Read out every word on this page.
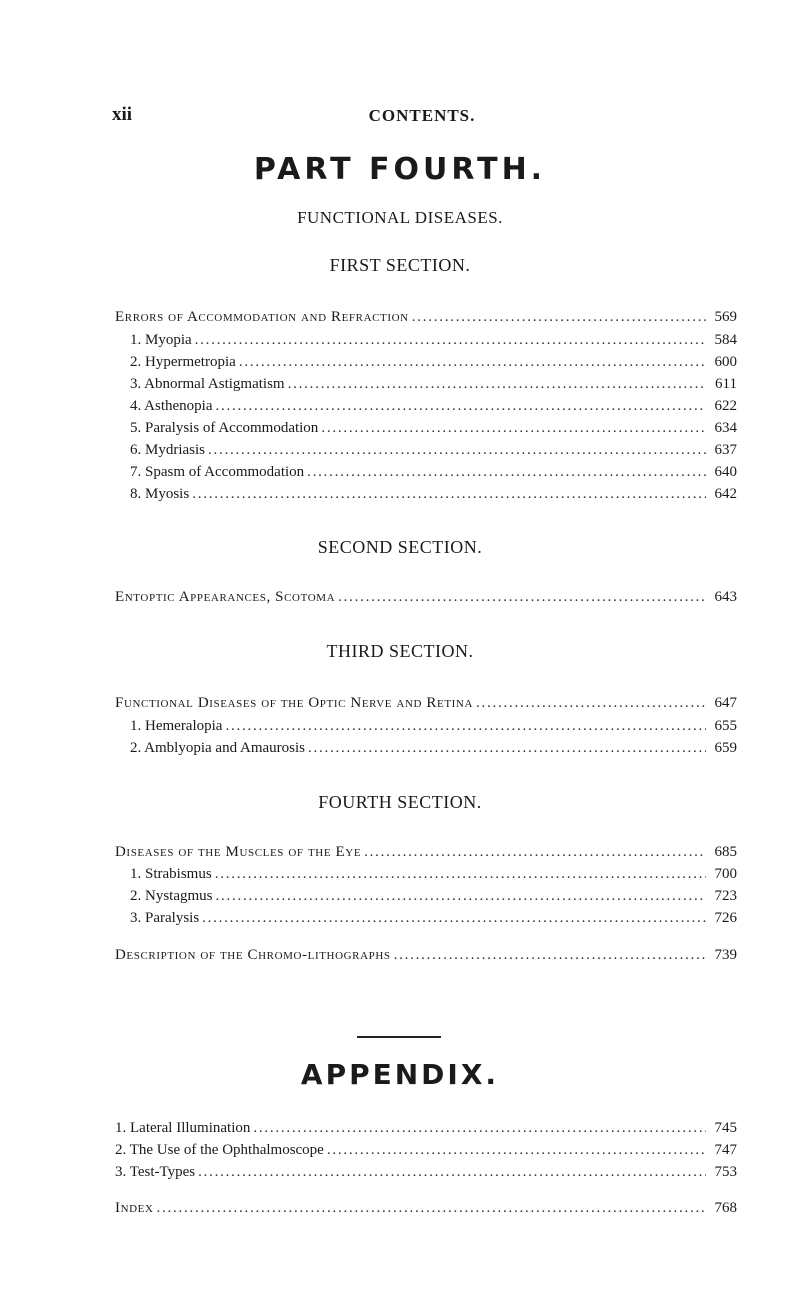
xii	CONTENTS.
PART FOURTH.
FUNCTIONAL DISEASES.
FIRST SECTION.
Errors of Accommodation and Refraction . . .	569
1. Myopia . . .	584
2. Hypermetropia . . .	600
3. Abnormal Astigmatism . . .	611
4. Asthenopia . . .	622
5. Paralysis of Accommodation . . .	634
6. Mydriasis . . .	637
7. Spasm of Accommodation . . .	640
8. Myosis . . .	642
SECOND SECTION.
Entoptic Appearances, Scotoma . . .	643
THIRD SECTION.
Functional Diseases of the Optic Nerve and Retina . . .	647
1. Hemeralopia . . .	655
2. Amblyopia and Amaurosis . . .	659
FOURTH SECTION.
Diseases of the Muscles of the Eye . . .	685
1. Strabismus . . .	700
2. Nystagmus . . .	723
3. Paralysis . . .	726
Description of the Chromo-lithographs . . .	739
APPENDIX.
1. Lateral Illumination . . .	745
2. The Use of the Ophthalmoscope . . .	747
3. Test-Types . . .	753
Index . . .	768
